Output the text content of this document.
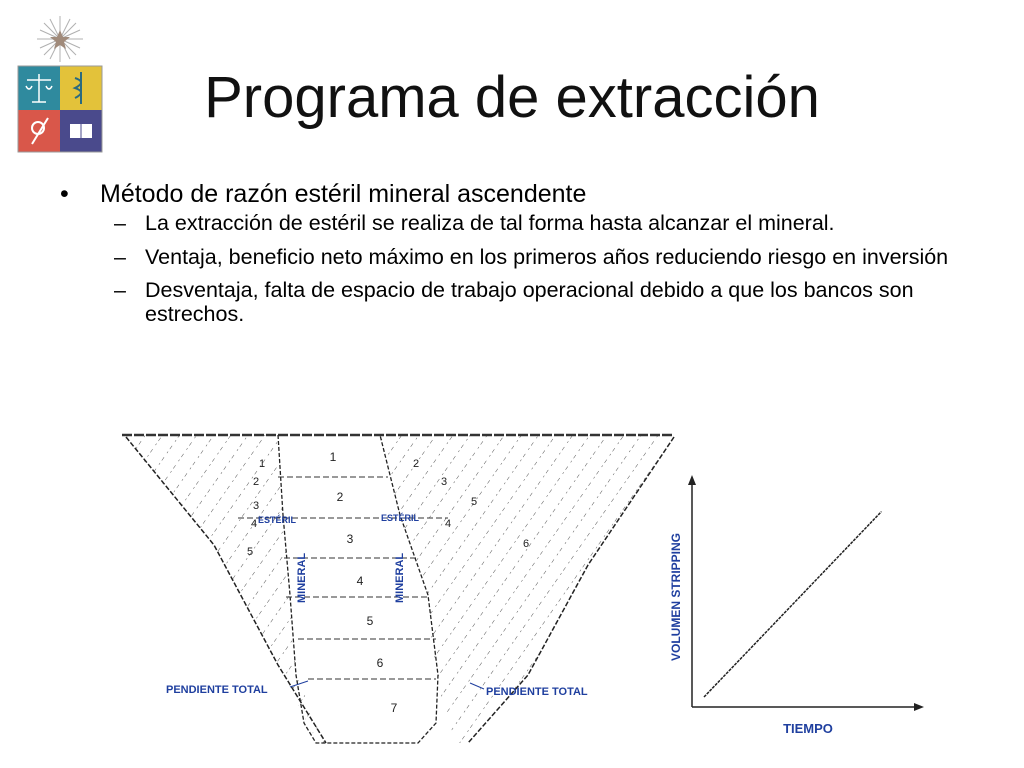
Programa de extracción
• Método de razón estéril mineral ascendente
– La extracción de estéril se realiza de tal forma hasta alcanzar el mineral.
– Ventaja, beneficio neto máximo en los primeros años reduciendo riesgo en inversión
– Desventaja, falta de espacio de trabajo operacional debido a que los bancos son estrechos.
1
2
3
4
5
6
7
1
2
3
4
5
2
3
5
4
6
ESTÉRIL	ESTÉRIL
MINERAL	MINERAL
PENDIENTE TOTAL	PENDIENTE TOTAL
TIEMPO
VOLUMEN STRIPPING
